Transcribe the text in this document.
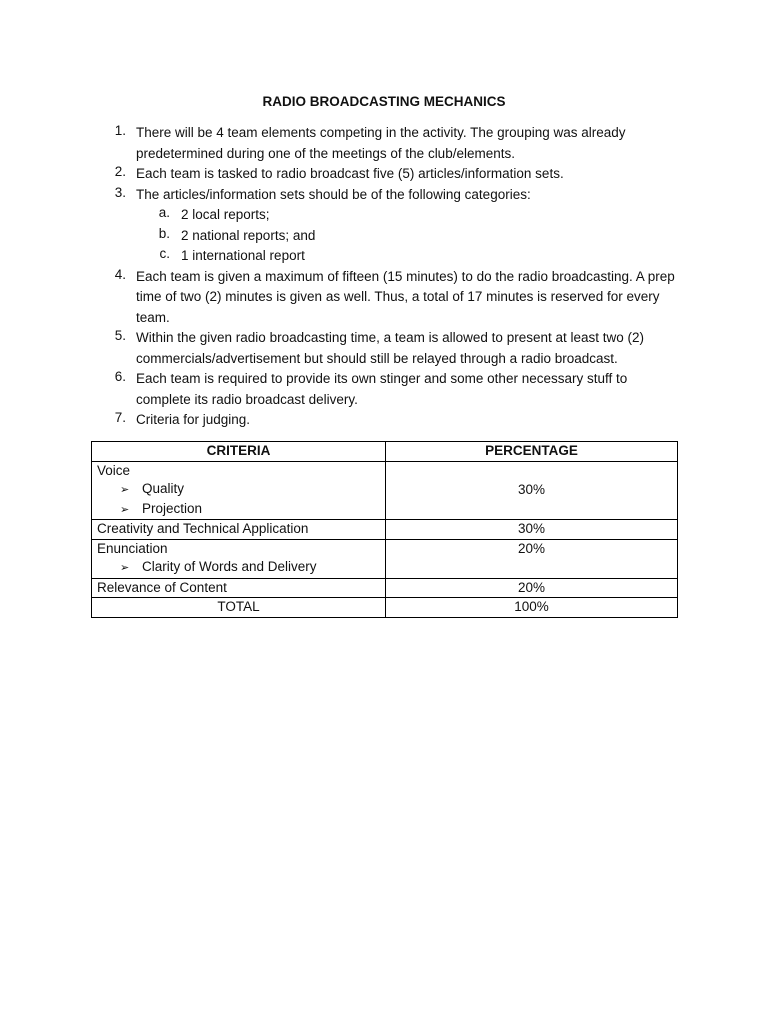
RADIO BROADCASTING MECHANICS
1. There will be 4 team elements competing in the activity. The grouping was already predetermined during one of the meetings of the club/elements.
2. Each team is tasked to radio broadcast five (5) articles/information sets.
3. The articles/information sets should be of the following categories:
a. 2 local reports;
b. 2 national reports; and
c. 1 international report
4. Each team is given a maximum of fifteen (15 minutes) to do the radio broadcasting. A prep time of two (2) minutes is given as well. Thus, a total of 17 minutes is reserved for every team.
5. Within the given radio broadcasting time, a team is allowed to present at least two (2) commercials/advertisement but should still be relayed through a radio broadcast.
6. Each team is required to provide its own stinger and some other necessary stuff to complete its radio broadcast delivery.
7. Criteria for judging.
CRITERIA	PERCENTAGE

Voice
➢ Quality
➢ Projection	30%
Creativity and Technical Application	30%

Enunciation
➢ Clarity of Words and Delivery	20%
Relevance of Content	20%
TOTAL	100%
